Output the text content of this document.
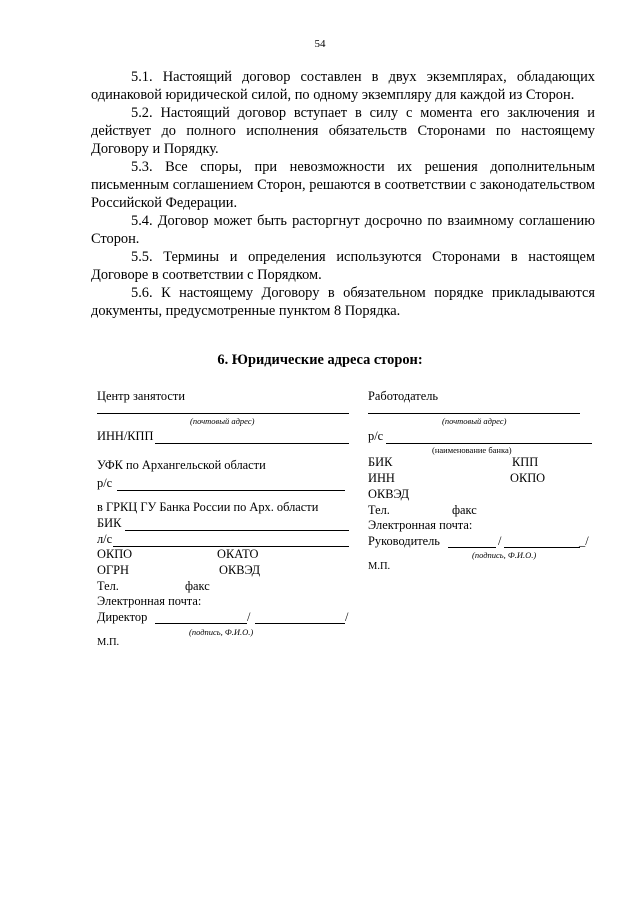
54

5.1. Настоящий договор составлен в двух экземплярах, обладающих одинаковой юридической силой, по одному экземпляру для каждой из Сторон.

5.2. Настоящий договор вступает в силу с момента его заключения и действует до полного исполнения обязательств Сторонами по настоящему Договору и Порядку.

5.3. Все споры, при невозможности их решения дополнительным письменным соглашением Сторон, решаются в соответствии с законодательством Российской Федерации.

5.4. Договор может быть расторгнут досрочно по взаимному соглашению Сторон.

5.5. Термины и определения используются Сторонами в настоящем Договоре в соответствии с Порядком.

5.6. К настоящему Договору в обязательном порядке прикладываются документы, предусмотренные пунктом 8 Порядка.

6. Юридические адреса сторон:
Центр занятости
(почтовый адрес)
ИНН/КПП
УФК по Архангельской области
р/с
в ГРКЦ ГУ Банка России по Арх. области
БИК
л/с
ОКПО	ОКАТО
ОГРН	ОКВЭД
Тел.	факс
Электронная почта:
Директор	/	/
(подпись, Ф.И.О.)
М.П.
Работодатель
(почтовый адрес)
р/с
(наименование банка)
БИК	КПП
ИНН	ОКПО
ОКВЭД
Тел.	факс
Электронная почта:
Руководитель	/	_/
(подпись, Ф.И.О.)
М.П.
